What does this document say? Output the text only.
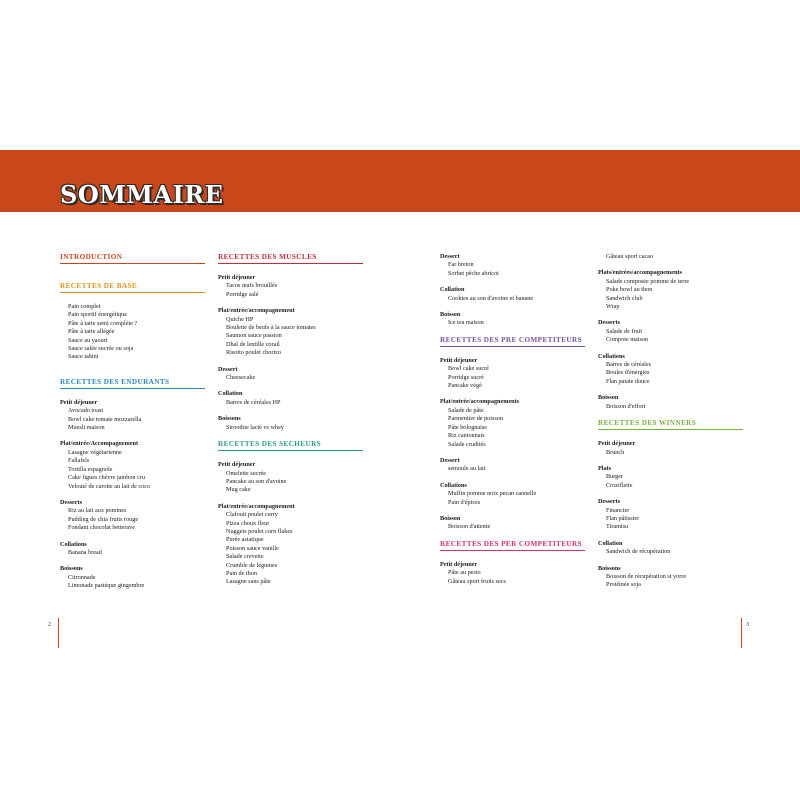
SOMMAIRE
INTRODUCTION
RECETTES DE BASE
Pain complet
Pain sportif énergétique
Pâte à tarte semi complète ?
Pâte à tarte allégée
Sauce au yaourt
Sauce salée sucrée ou soja
Sauce tahini
RECETTES DES ENDURANTS
Petit déjeuner
Avocado toast
Bowl cake tomate mozzarella
Muesli maison
Plat/entrée/Accompagnement
Lasagne végétarienne
Fallafels
Tortilla espagnole
Cake figues chèvre jambon cru
Velouté de carotte au lait de coco
Desserts
Riz au lait aux pommes
Pudding de chia fruits rouge
Fondant chocolat betterave
Collations
Banana bread
Boissons
Citronnade
Limonade pastèque gingembre
RECETTES DES MUSCLES
Petit déjeuner
Tacos œufs brouillés
Porridge salé
Plat/entrée/accompagnement
Quiche HP
Boulette de beufs à la sauce tomates
Saumon sauce passion
Dhal de lentille corail
Risotto poulet chorizo
Dessert
Cheesecake
Collation
Barres de céréales HP
Boissons
Stroothie lacté vs whey
RECETTES DES SECHEURS
Petit déjeuner
Omelette sucrée
Pancake au son d'avoine
Mug cake
Plat/entrée/accompagnement
Clafouti poulet curry
Pizza choux fleur
Nuggets poulet corn flakes
Purée asiatique
Poisson sauce vanille
Salade crevette
Crumble de légumes
Pain de thon
Lasagne sans pâte
Dessert
Far breton
Sorbet pêche abricot
Collation
Cookies au son d'avoine et banane
Boisson
Ice tea maison
RECETTES DES PRE COMPETITEURS
Petit déjeuner
Bowl cake sucré
Porridge sucré
Pancake végé
Plat/entrée/accompagnements
Salade de pâte
Parmentier de poisson
Pâte bolognaise
Riz cantonnais
Salade crudités
Dessert
semoule au lait
Collations
Muffin pomme noix pecan cannelle
Pain d'épices
Boisson
Boisson d'attente
RECETTES DES PER COMPETITEURS
Petit déjeuner
Pâte au pesto
Gâteau sport fruits secs
Gâteau sport cacao
Plats/entrées/accompagnements
Salade composée pomme de terre
Poke bowl au thon
Sandwich club
Wrap
Desserts
Salade de fruit
Compote maison
Collations
Barres de céréales
Boules d'énergies
Flan patate douce
Boisson
Boisson d'effort
RECETTES DES WINNERS
Petit déjeuner
Brunch
Plats
Burger
Croziflette
Desserts
Financier
Flan pâtissier
Tiramisu
Collation
Sandwich de récupération
Boissons
Boisson de récupération st yorre
Protéinée soja
2	3
